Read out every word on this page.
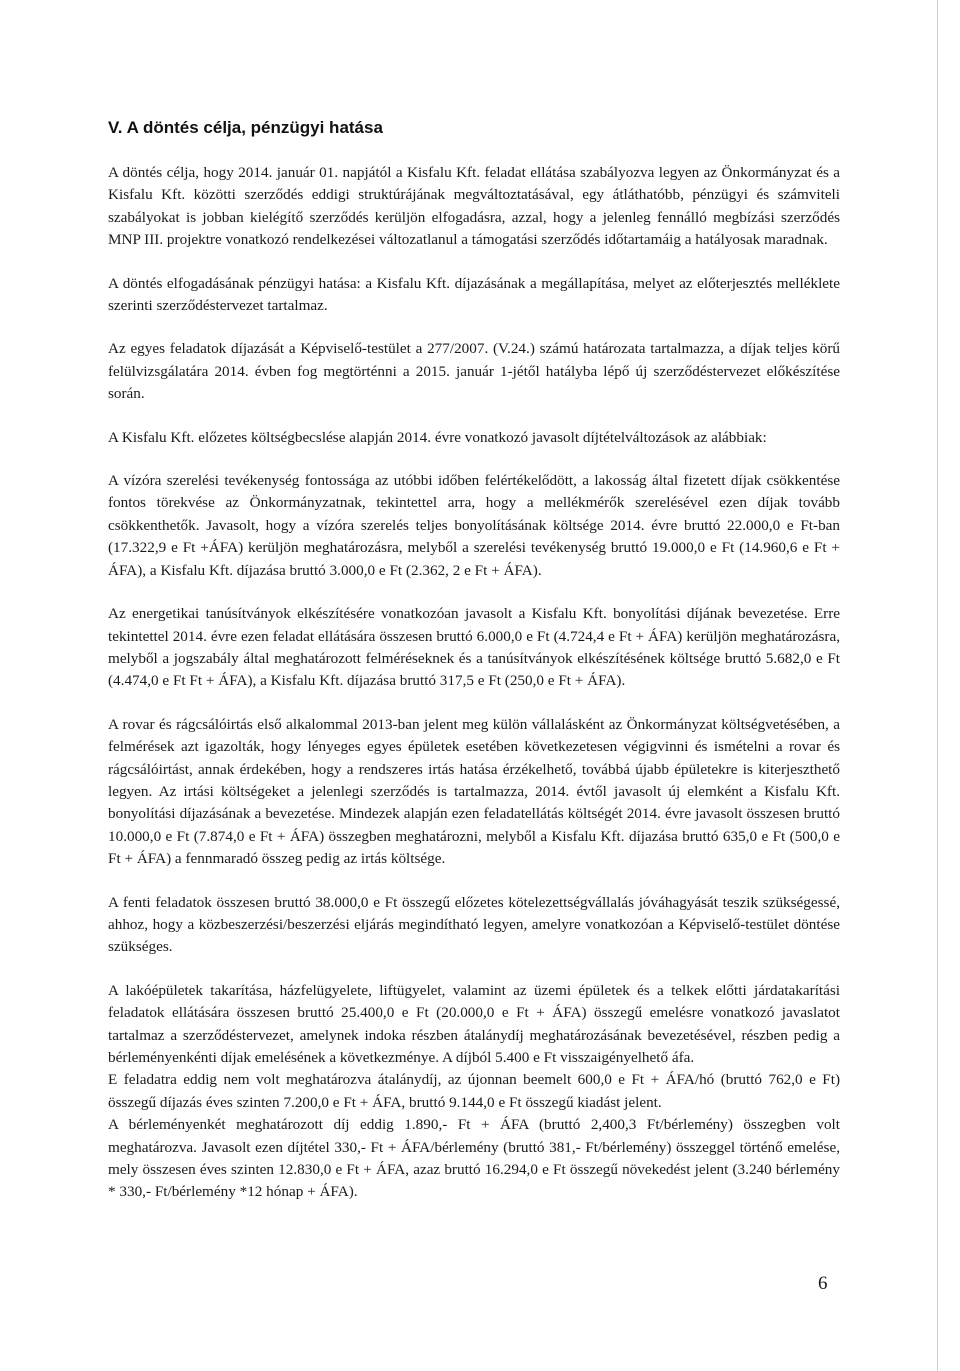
V. A döntés célja, pénzügyi hatása

A döntés célja, hogy 2014. január 01. napjától a Kisfalu Kft. feladat ellátása szabályozva legyen az Önkormányzat és a Kisfalu Kft. közötti szerződés eddigi struktúrájának megváltoztatásával, egy átláthatóbb, pénzügyi és számviteli szabályokat is jobban kielégítő szerződés kerüljön elfogadásra, azzal, hogy a jelenleg fennálló megbízási szerződés MNP III. projektre vonatkozó rendelkezései változatlanul a támogatási szerződés időtartamáig a hatályosak maradnak.

A döntés elfogadásának pénzügyi hatása: a Kisfalu Kft. díjazásának a megállapítása, melyet az előterjesztés melléklete szerinti szerződéstervezet tartalmaz.

Az egyes feladatok díjazását a Képviselő-testület a 277/2007. (V.24.) számú határozata tartalmazza, a díjak teljes körű felülvizsgálatára 2014. évben fog megtörténni a 2015. január 1-jétől hatályba lépő új szerződéstervezet előkészítése során.

A Kisfalu Kft. előzetes költségbecslése alapján 2014. évre vonatkozó javasolt díjtételváltozások az alábbiak:

A vízóra szerelési tevékenység fontossága az utóbbi időben felértékelődött, a lakosság által fizetett díjak csökkentése fontos törekvése az Önkormányzatnak, tekintettel arra, hogy a mellékmérők szerelésével ezen díjak tovább csökkenthetők. Javasolt, hogy a vízóra szerelés teljes bonyolításának költsége 2014. évre bruttó 22.000,0 e Ft-ban (17.322,9 e Ft +ÁFA) kerüljön meghatározásra, melyből a szerelési tevékenység bruttó 19.000,0 e Ft (14.960,6 e Ft + ÁFA), a Kisfalu Kft. díjazása bruttó 3.000,0 e Ft (2.362, 2 e Ft + ÁFA).

Az energetikai tanúsítványok elkészítésére vonatkozóan javasolt a Kisfalu Kft. bonyolítási díjának bevezetése. Erre tekintettel 2014. évre ezen feladat ellátására összesen bruttó 6.000,0 e Ft (4.724,4 e Ft + ÁFA) kerüljön meghatározásra, melyből a jogszabály által meghatározott felméréseknek és a tanúsítványok elkészítésének költsége bruttó 5.682,0 e Ft (4.474,0 e Ft Ft + ÁFA), a Kisfalu Kft. díjazása bruttó 317,5 e Ft (250,0 e Ft + ÁFA).

A rovar és rágcsálóirtás első alkalommal 2013-ban jelent meg külön vállalásként az Önkormányzat költségvetésében, a felmérések azt igazolták, hogy lényeges egyes épületek esetében következetesen végigvinni és ismételni a rovar és rágcsálóirtást, annak érdekében, hogy a rendszeres irtás hatása érzékelhető, továbbá újabb épületekre is kiterjeszthető legyen. Az irtási költségeket a jelenlegi szerződés is tartalmazza, 2014. évtől javasolt új elemként a Kisfalu Kft. bonyolítási díjazásának a bevezetése. Mindezek alapján ezen feladatellátás költségét 2014. évre javasolt összesen bruttó 10.000,0 e Ft (7.874,0 e Ft + ÁFA) összegben meghatározni, melyből a Kisfalu Kft. díjazása bruttó 635,0 e Ft (500,0 e Ft + ÁFA) a fennmaradó összeg pedig az irtás költsége.

A fenti feladatok összesen bruttó 38.000,0 e Ft összegű előzetes kötelezettségvállalás jóváhagyását teszik szükségessé, ahhoz, hogy a közbeszerzési/beszerzési eljárás megindítható legyen, amelyre vonatkozóan a Képviselő-testület döntése szükséges.

A lakóépületek takarítása, házfelügyelete, liftügyelet, valamint az üzemi épületek és a telkek előtti járdatakarítási feladatok ellátására összesen bruttó 25.400,0 e Ft (20.000,0 e Ft + ÁFA) összegű emelésre vonatkozó javaslatot tartalmaz a szerződéstervezet, amelynek indoka részben átalánydíj meghatározásának bevezetésével, részben pedig a bérleményenkénti díjak emelésének a következménye. A díjból 5.400 e Ft visszaigényelhető áfa.

E feladatra eddig nem volt meghatározva átalánydíj, az újonnan beemelt 600,0 e Ft + ÁFA/hó (bruttó 762,0 e Ft) összegű díjazás éves szinten 7.200,0 e Ft + ÁFA, bruttó 9.144,0 e Ft összegű kiadást jelent.

A bérleményenkét meghatározott díj eddig 1.890,- Ft + ÁFA (bruttó 2,400,3 Ft/bérlemény) összegben volt meghatározva. Javasolt ezen díjtétel 330,- Ft + ÁFA/bérlemény (bruttó 381,- Ft/bérlemény) összeggel történő emelése, mely összesen éves szinten 12.830,0 e Ft + ÁFA, azaz bruttó 16.294,0 e Ft összegű növekedést jelent (3.240 bérlemény * 330,- Ft/bérlemény *12 hónap + ÁFA).

6
